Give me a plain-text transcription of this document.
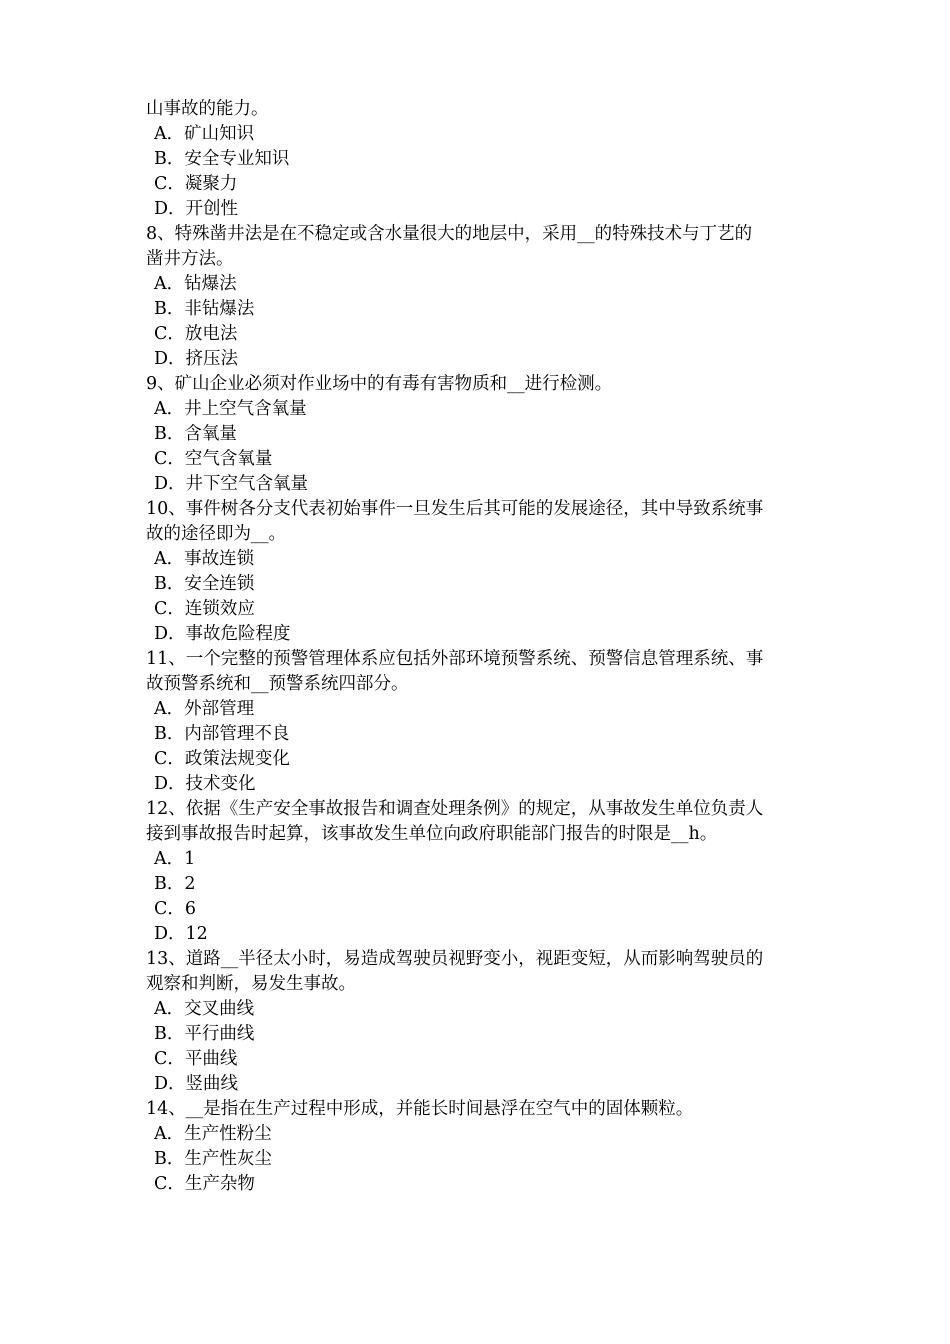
山事故的能力。
A．矿山知识
B．安全专业知识
C．凝聚力
D．开创性
8、特殊凿井法是在不稳定或含水量很大的地层中，采用__的特殊技术与丁艺的
凿井方法。
A．钻爆法
B．非钻爆法
C．放电法
D．挤压法
9、矿山企业必须对作业场中的有毒有害物质和__进行检测。
A．井上空气含氧量
B．含氧量
C．空气含氧量
D．井下空气含氧量
10、事件树各分支代表初始事件一旦发生后其可能的发展途径，其中导致系统事
故的途径即为__。
A．事故连锁
B．安全连锁
C．连锁效应
D．事故危险程度
11、一个完整的预警管理体系应包括外部环境预警系统、预警信息管理系统、事
故预警系统和__预警系统四部分。
A．外部管理
B．内部管理不良
C．政策法规变化
D．技术变化
12、依据《生产安全事故报告和调查处理条例》的规定，从事故发生单位负责人
接到事故报告时起算，该事故发生单位向政府职能部门报告的时限是__h。
A．1
B．2
C．6
D．12
13、道路__半径太小时，易造成驾驶员视野变小，视距变短，从而影响驾驶员的
观察和判断，易发生事故。
A．交叉曲线
B．平行曲线
C．平曲线
D．竖曲线
14、__是指在生产过程中形成，并能长时间悬浮在空气中的固体颗粒。
A．生产性粉尘
B．生产性灰尘
C．生产杂物
